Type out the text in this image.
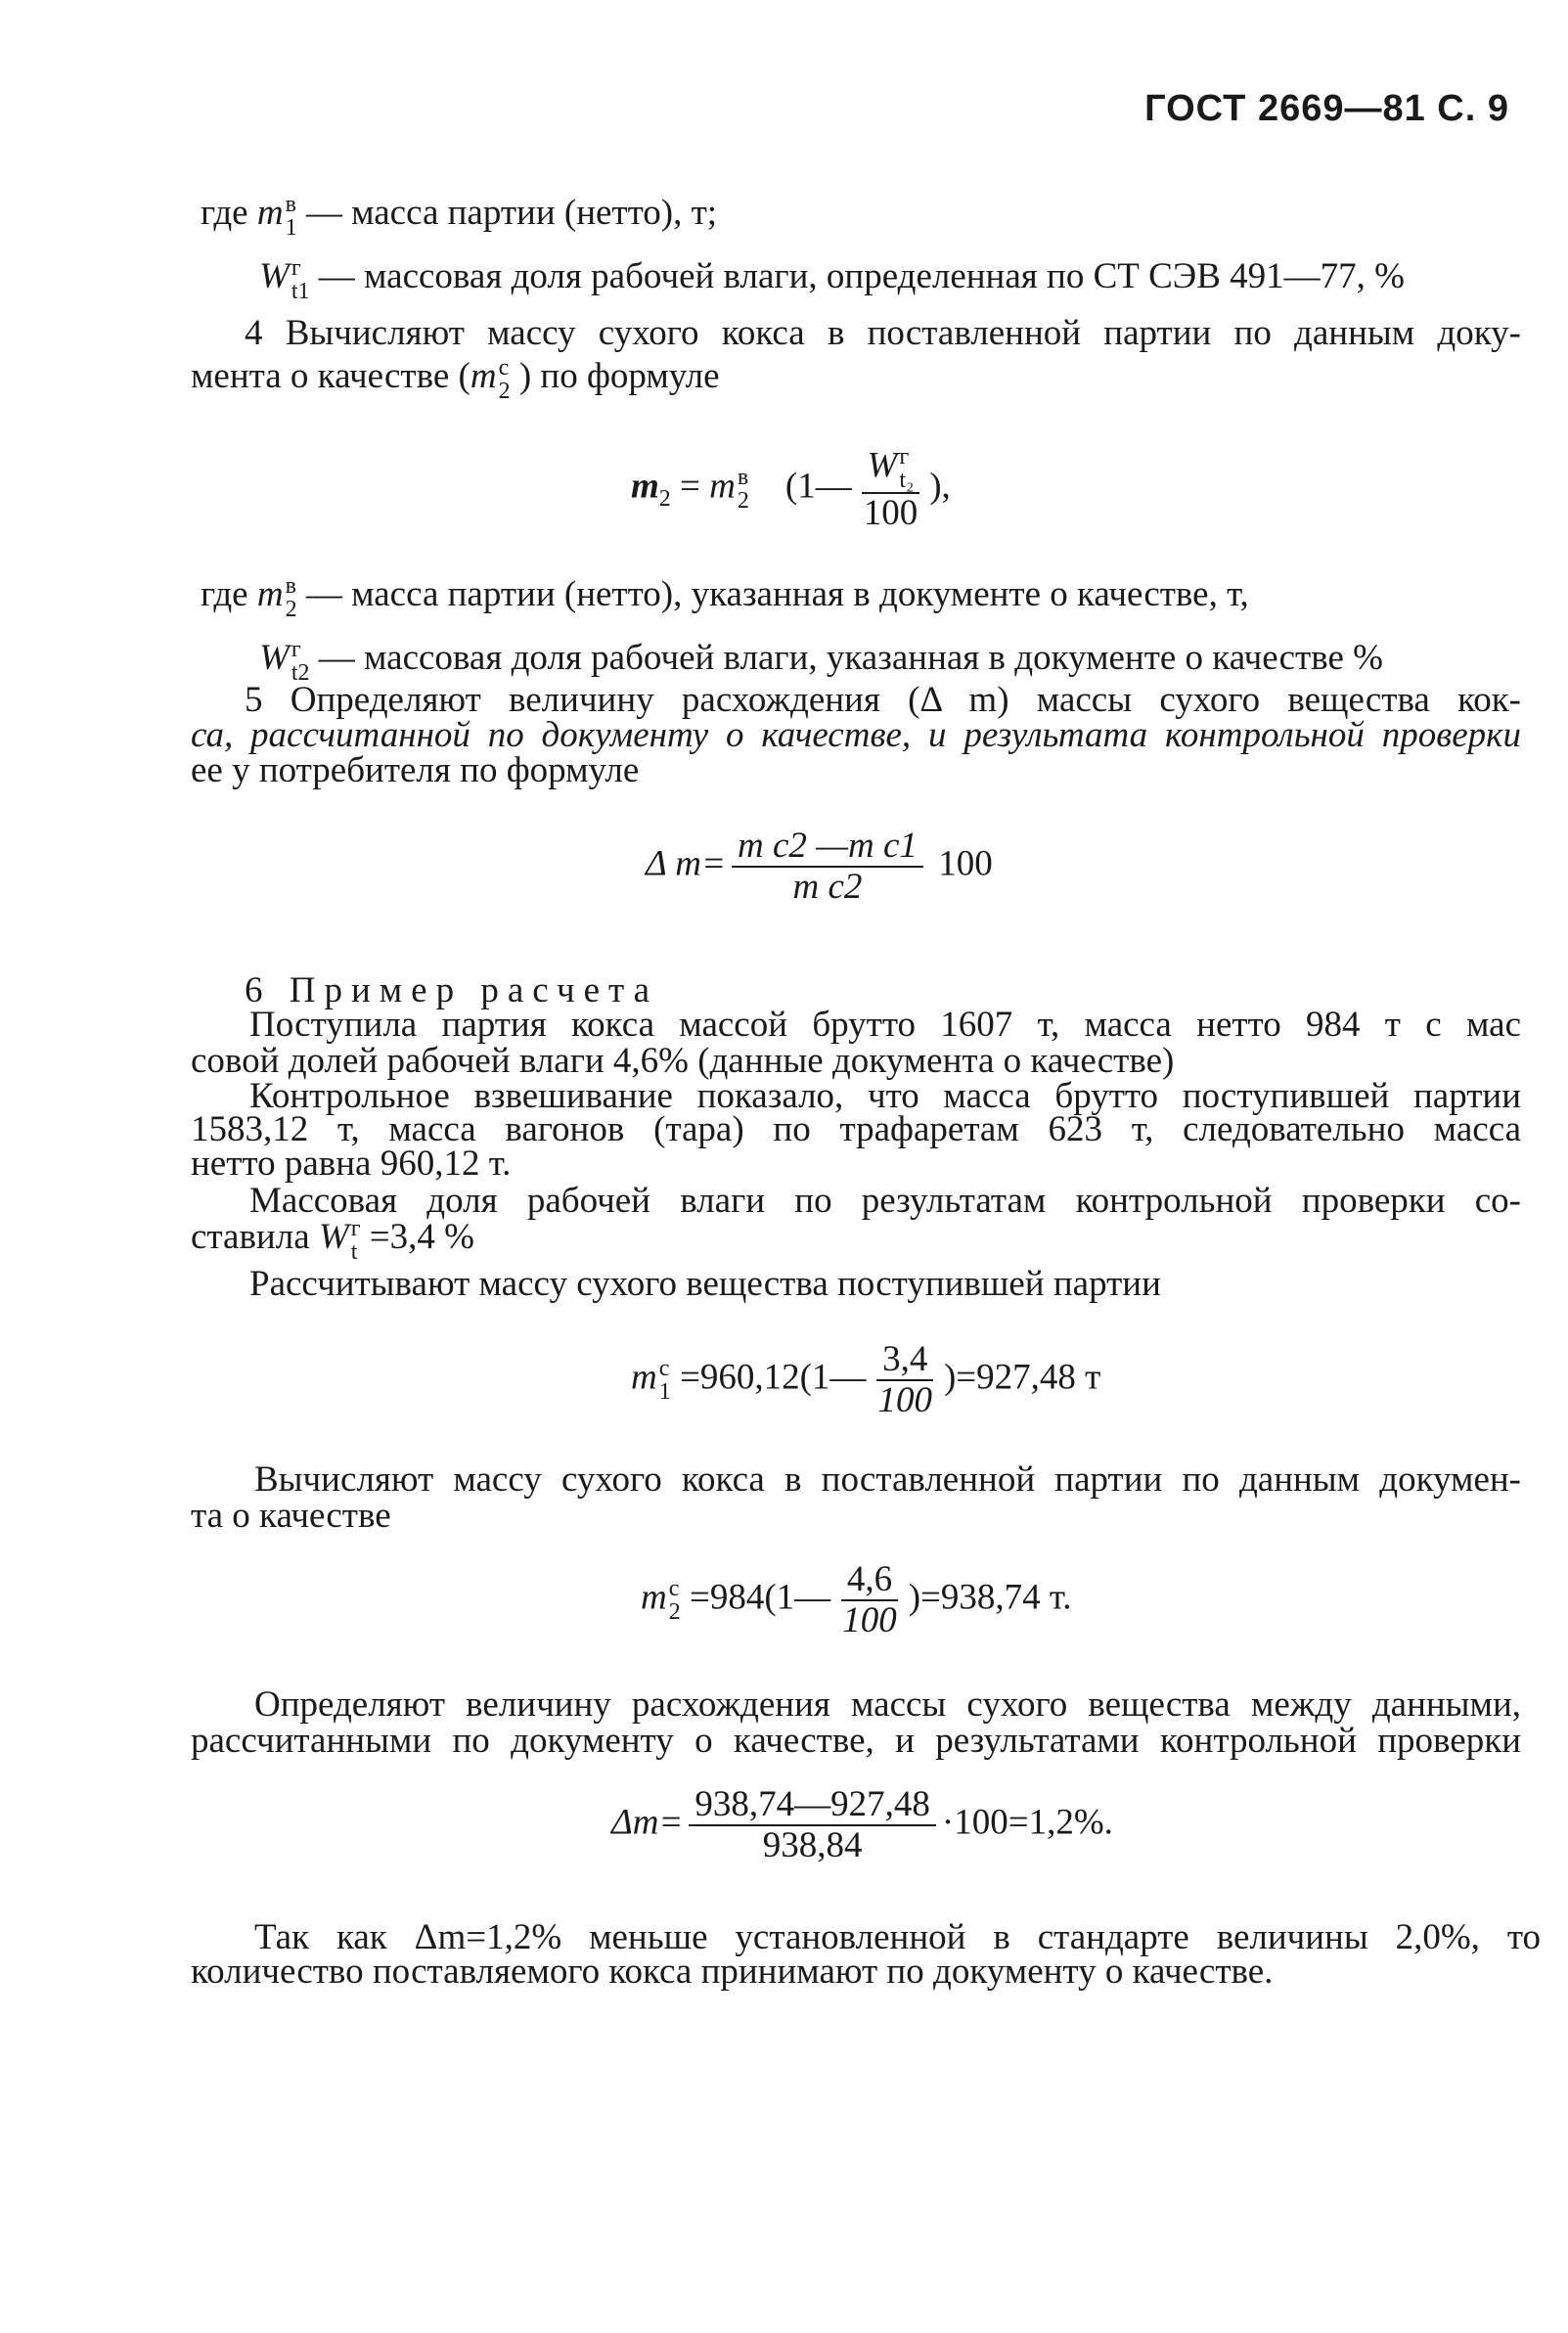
ГОСТ 2669—81 С. 9
где m в
1 — масса партии (нетто), т;
W г
t1 — массовая доля рабочей влаги, определенная по СТ СЭВ 491—77, %
4 Вычисляют массу сухого кокса в поставленной партии по данным доку-
мента о качестве (m с
2 ) по формуле
$m_2 = m$ в
2 (1— W г
t₂
100 ),
где m в
2 — масса партии (нетто), указанная в документе о качестве, т,
W г
t2 — массовая доля рабочей влаги, указанная в документе о качестве %
5 Определяют величину расхождения (Δ m) массы сухого вещества кок-
са, рассчитанной по документу о качестве, и результата контрольной проверки
ее у потребителя по формуле
Δ $m= \frac{\text{m с2 —m с1}}{\text{m с2}} 100$
6 Пример расчета
Поступила партия кокса массой брутто 1607 т, масса нетто 984 т с мас
совой долей рабочей влаги 4,6% (данные документа о качестве)
Контрольное взвешивание показало, что масса брутто поступившей партии
1583,12 т, масса вагонов (тара) по трафаретам 623 т, следовательно масса
нетто равна 960,12 т.
Массовая доля рабочей влаги по результатам контрольной проверки со-
ставила W г
t =3,4 %
Рассчитывают массу сухого вещества поступившей партии
m с
1 =960,12(1— $\frac{3,4}{100} )=927,48$ т
Вычисляют массу сухого кокса в поставленной партии по данным докумен-
та о качестве
m с
2 =984(1— $\frac{4,6}{100} )=938,74$ т.
Определяют величину расхождения массы сухого вещества между данными,
рассчитанными по документу о качестве, и результатами контрольной проверки
$\Delta m= \frac{938,74—927,48}{938,84} \cdot 100=1,2\%$.
Так как Δm=1,2% меньше установленной в стандарте величины 2,0%, то
количество поставляемого кокса принимают по документу о качестве.
